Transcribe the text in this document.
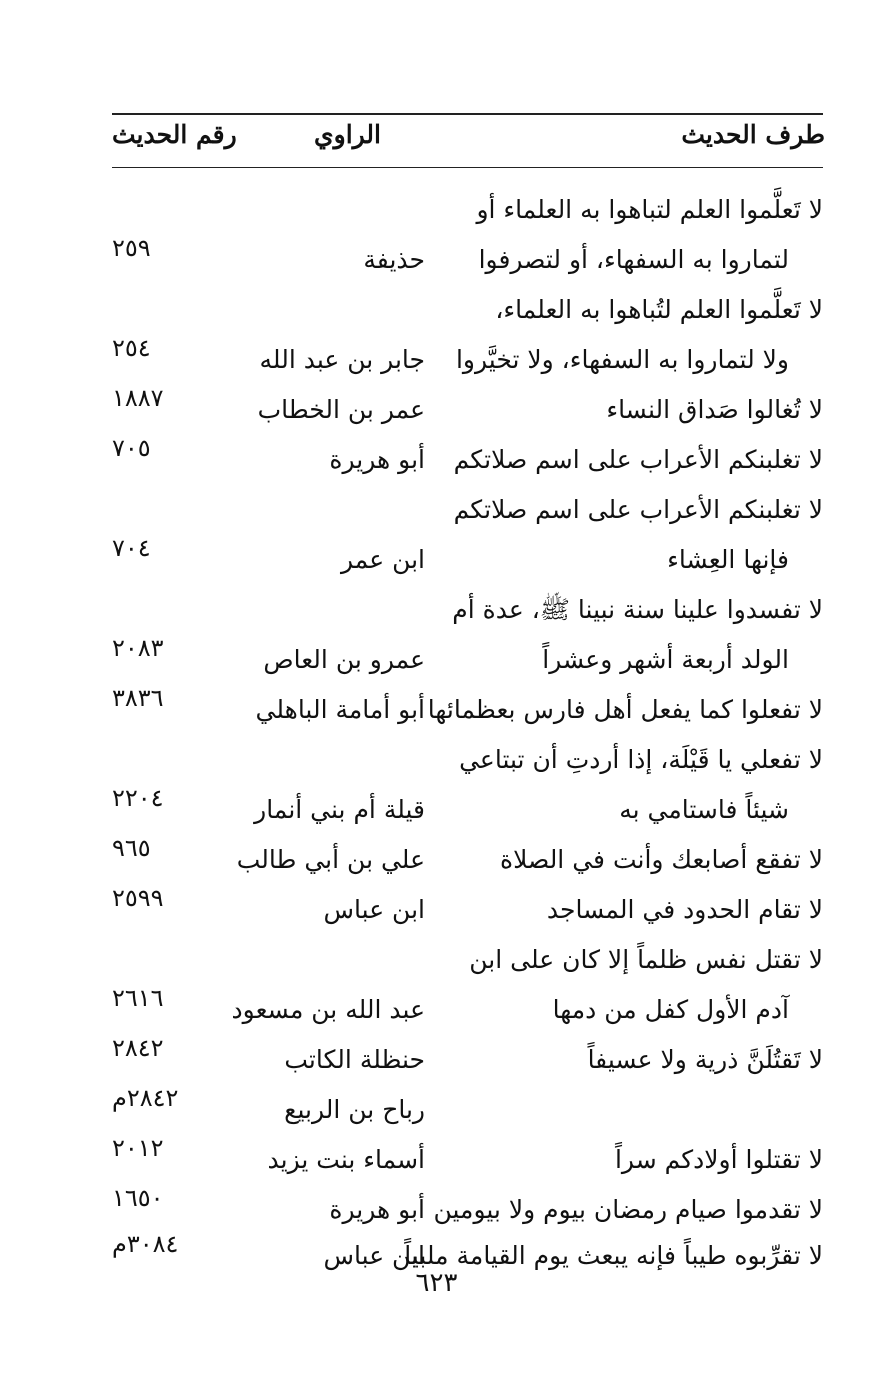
طرف الحديث
الراوي
رقم الحديث
لا تَعلَّموا العلم لتباهوا به العلماء أو
لتماروا به السفهاء، أو لتصرفوا
حذيفة
٢٥٩
لا تَعلَّموا العلم لتُباهوا به العلماء،
ولا لتماروا به السفهاء، ولا تخيَّروا
جابر بن عبد الله
٢٥٤
لا تُغالوا صَداق النساء
عمر بن الخطاب
١٨٨٧
لا تغلبنكم الأعراب على اسم صلاتكم
أبو هريرة
٧٠٥
لا تغلبنكم الأعراب على اسم صلاتكم
فإنها العِشاء
ابن عمر
٧٠٤
لا تفسدوا علينا سنة نبينا ﷺ، عدة أم
الولد أربعة أشهر وعشراً
عمرو بن العاص
٢٠٨٣
لا تفعلوا كما يفعل أهل فارس بعظمائها
أبو أمامة الباهلي
٣٨٣٦
لا تفعلي يا قَيْلَة، إذا أردتِ أن تبتاعي
شيئاً فاستامي به
قيلة أم بني أنمار
٢٢٠٤
لا تفقع أصابعك وأنت في الصلاة
علي بن أبي طالب
٩٦٥
لا تقام الحدود في المساجد
ابن عباس
٢٥٩٩
لا تقتل نفس ظلماً إلا كان على ابن
آدم الأول كفل من دمها
عبد الله بن مسعود
٢٦١٦
لا تَقتُلَنَّ ذرية ولا عسيفاً
حنظلة الكاتب
٢٨٤٢
رباح بن الربيع
٢٨٤٢م
لا تقتلوا أولادكم سراً
أسماء بنت يزيد
٢٠١٢
لا تقدموا صيام رمضان بيوم ولا بيومين
أبو هريرة
١٦٥٠
لا تقرِّبوه طيباً فإنه يبعث يوم القيامة ملبياً
ابن عباس
٣٠٨٤م
٦٢٣
